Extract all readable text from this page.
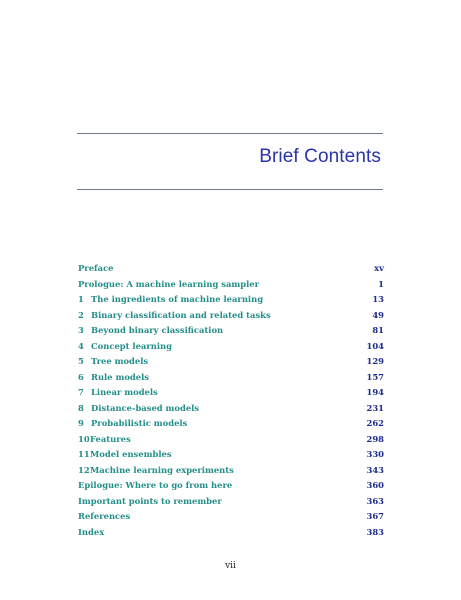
Brief Contents
Preface	xv
Prologue: A machine learning sampler	1
1 The ingredients of machine learning	13
2 Binary classification and related tasks	49
3 Beyond binary classification	81
4 Concept learning	104
5 Tree models	129
6 Rule models	157
7 Linear models	194
8 Distance-based models	231
9 Probabilistic models	262
10Features	298
11Model ensembles	330
12Machine learning experiments	343
Epilogue: Where to go from here	360
Important points to remember	363
References	367
Index	383
vii
